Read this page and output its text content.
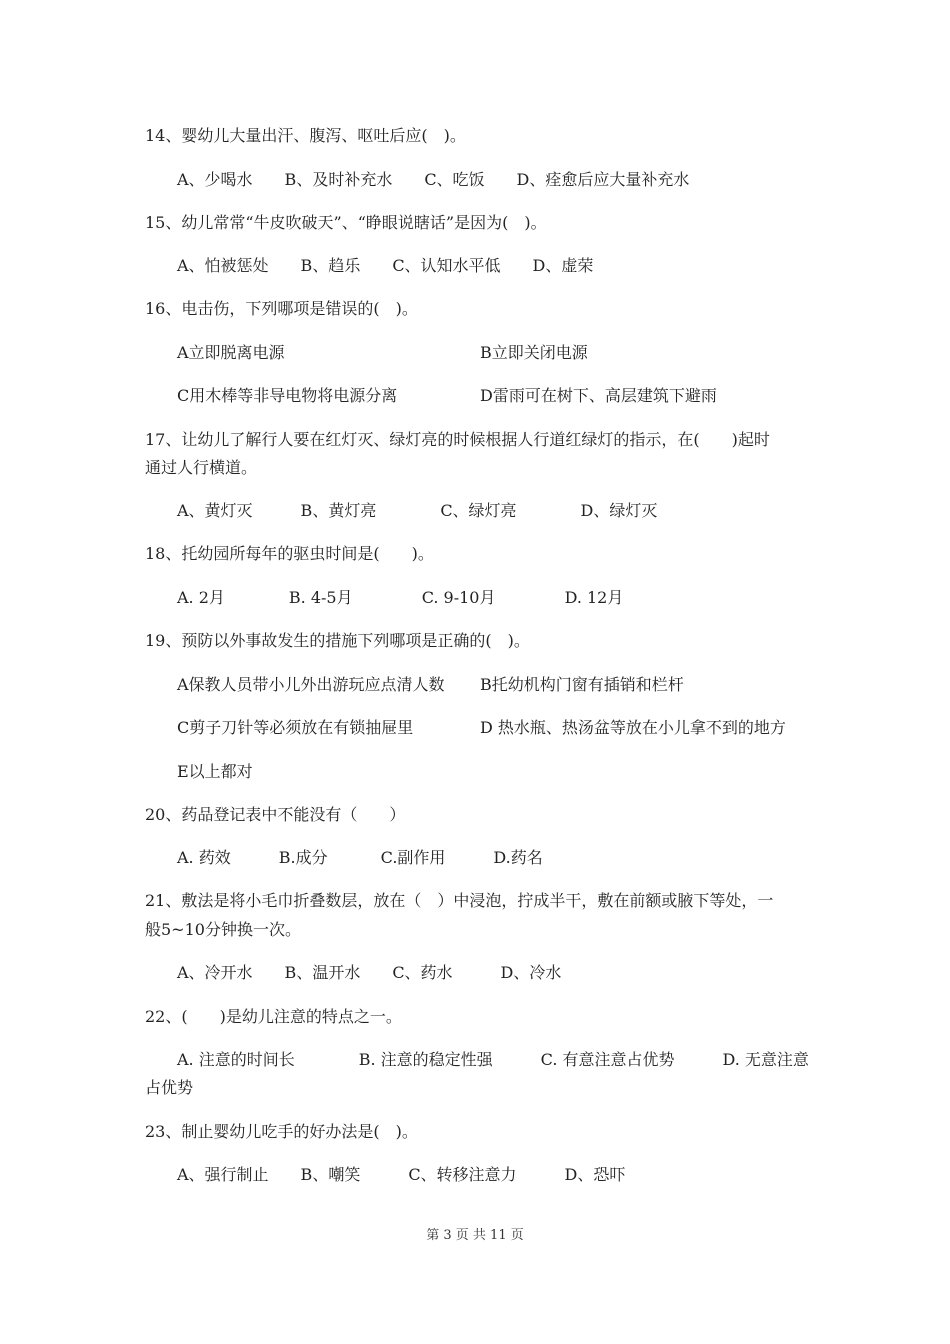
14、婴幼儿大量出汗、腹泻、呕吐后应(　)。
A、少喝水　　B、及时补充水　　C、吃饭　　D、痊愈后应大量补充水
15、幼儿常常“牛皮吹破天”、“睁眼说瞎话”是因为(　)。
A、怕被惩处　　B、趋乐　　C、认知水平低　　D、虚荣
16、电击伤，下列哪项是错误的(　)。
A立即脱离电源	B立即关闭电源
C用木棒等非导电物将电源分离	D雷雨可在树下、高层建筑下避雨
17、让幼儿了解行人要在红灯灭、绿灯亮的时候根据人行道红绿灯的指示，在(　　)起时
通过人行横道。
A、黄灯灭　　　B、黄灯亮　　　　C、绿灯亮　　　　D、绿灯灭
18、托幼园所每年的驱虫时间是(　　)。
A. 2月　　　　B. 4-5月　　　　 C. 9-10月　　　　 D. 12月
19、预防以外事故发生的措施下列哪项是正确的(　)。
A保教人员带小儿外出游玩应点清人数 B托幼机构门窗有插销和栏杆
C剪子刀针等必须放在有锁抽屉里	D 热水瓶、热汤盆等放在小儿拿不到的地方
E以上都对
20、药品登记表中不能没有（　　）
A. 药效　　　B.成分　　　 C.副作用　　　D.药名
21、敷法是将小毛巾折叠数层，放在（　）中浸泡，拧成半干，敷在前额或腋下等处，一
般5~10分钟换一次。
A、冷开水　　B、温开水　　C、药水　　　D、冷水
22、(　　)是幼儿注意的特点之一。
A. 注意的时间长　　　　B. 注意的稳定性强　　　C. 有意注意占优势　　　D. 无意注意
占优势
23、制止婴幼儿吃手的好办法是(　)。
A、强行制止　　B、嘲笑　　　C、转移注意力　　　D、恐吓
第 3 页 共 11 页
